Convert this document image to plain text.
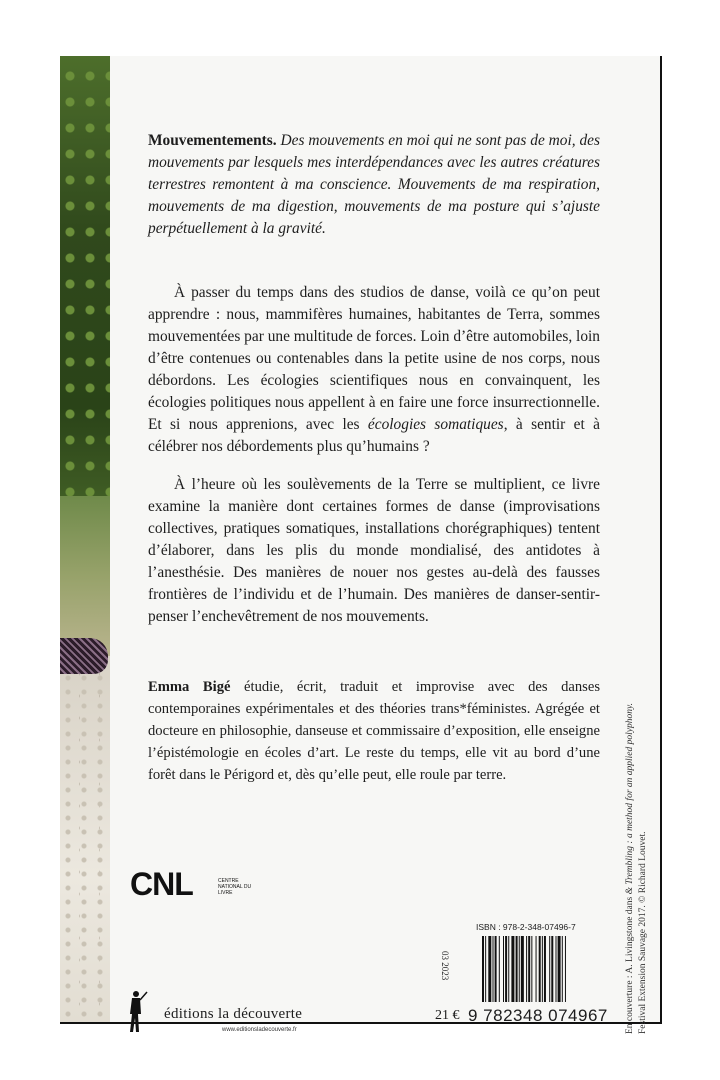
Mouvementements. Des mouvements en moi qui ne sont pas de moi, des mouvements par lesquels mes interdépendances avec les autres créatures terrestres remontent à ma conscience. Mouvements de ma respiration, mouvements de ma digestion, mouvements de ma posture qui s’ajuste perpétuellement à la gravité.
À passer du temps dans des studios de danse, voilà ce qu’on peut apprendre : nous, mammifères humaines, habitantes de Terra, sommes mouvementées par une multitude de forces. Loin d’être automobiles, loin d’être contenues ou contenables dans la petite usine de nos corps, nous débordons. Les écologies scientifiques nous en convainquent, les écologies politiques nous appellent à en faire une force insurrectionnelle. Et si nous apprenions, avec les écologies somatiques, à sentir et à célébrer nos débordements plus qu’humains ?
À l’heure où les soulèvements de la Terre se multiplient, ce livre examine la manière dont certaines formes de danse (improvisations collectives, pratiques somatiques, installations chorégraphiques) tentent d’élaborer, dans les plis du monde mondialisé, des antidotes à l’anesthésie. Des manières de nouer nos gestes au-delà des fausses frontières de l’individu et de l’humain. Des manières de danser-sentir-penser l’enchevêtrement de nos mouvements.
Emma Bigé étudie, écrit, traduit et improvise avec des danses contemporaines expérimentales et des théories trans*féministes. Agrégée et docteure en philosophie, danseuse et commissaire d’exposition, elle enseigne l’épistémologie en écoles d’art. Le reste du temps, elle vit au bord d’une forêt dans le Périgord et, dès qu’elle peut, elle roule par terre.
CNL	CENTRE NATIONAL DU LIVRE
éditions la découverte
www.editionsladecouverte.fr
21 €
03 2023
ISBN : 978-2-348-07496-7
9 782348 074967 En couverture : A. Livingstone dans & Trembling : a method for an applied polyphony.
Festival Extension Sauvage 2017. © Richard Louvet.
